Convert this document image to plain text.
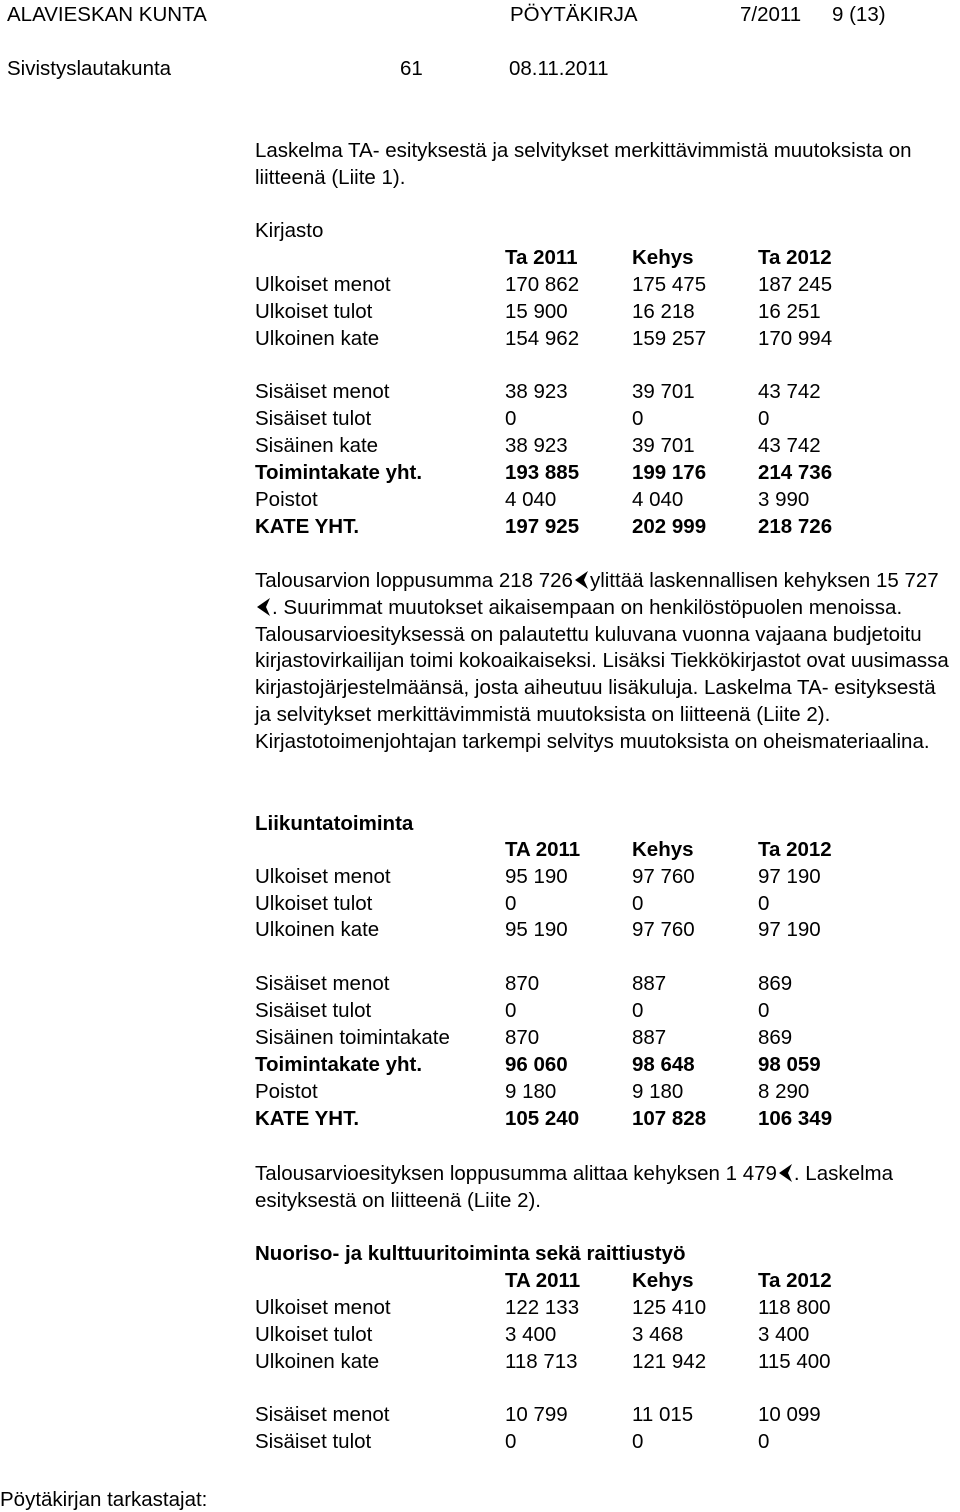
ALAVIESKAN KUNTA	PÖYTÄKIRJA	7/2011 9 (13)
Sivistyslautakunta	61	08.11.2011
Laskelma TA- esityksestä ja selvitykset merkittävimmistä muutoksista on liitteenä (Liite 1).
Kirjasto
Ta 2011	Kehys	Ta 2012
Ulkoiset menot	170 862	175 475	187 245
Ulkoiset tulot	15 900	16 218	16 251
Ulkoinen kate	154 962	159 257	170 994
Sisäiset menot	38 923	39 701	43 742
Sisäiset tulot	0	0	0
Sisäinen kate	38 923	39 701	43 742
Toimintakate yht.	193 885	199 176	214 736
Poistot	4 040	4 040	3 990
KATE YHT.	197 925	202 999	218 726
Talousarvion loppusumma 218 726 ylittää laskennallisen kehyksen 15 727. Suurimmat muutokset aikaisempaan on henkilöstöpuolen menoissa. Talousarvioesityksessä on palautettu kuluvana vuonna vajaana budjetoitu kirjastovirkailijan toimi kokoaikaiseksi. Lisäksi Tiekkökirjastot ovat uusimassa kirjastojärjestelmäänsä, josta aiheutuu lisäkuluja. Laskelma TA- esityksestä ja selvitykset merkittävimmistä muutoksista on liitteenä (Liite 2). Kirjastotoimenjohtajan tarkempi selvitys muutoksista on oheismateriaalina.
Liikuntatoiminta
TA 2011	Kehys	Ta 2012
Ulkoiset menot	95 190	97 760	97 190
Ulkoiset tulot	0	0	0
Ulkoinen kate	95 190	97 760	97 190
Sisäiset menot	870	887	869
Sisäiset tulot	0	0	0
Sisäinen toimintakate	870	887	869
Toimintakate yht.	96 060	98 648	98 059
Poistot	9 180	9 180	8 290
KATE YHT.	105 240	107 828	106 349
Talousarvioesityksen loppusumma alittaa kehyksen 1 479 . Laskelma esityksestä on liitteenä (Liite 2).
Nuoriso- ja kulttuuritoiminta sekä raittiustyö
TA 2011	Kehys	Ta 2012
Ulkoiset menot	122 133	125 410	118 800
Ulkoiset tulot	3 400	3 468	3 400
Ulkoinen kate	118 713	121 942	115 400
Sisäiset menot	10 799	11 015	10 099
Sisäiset tulot	0	0	0
Pöytäkirjan tarkastajat:
